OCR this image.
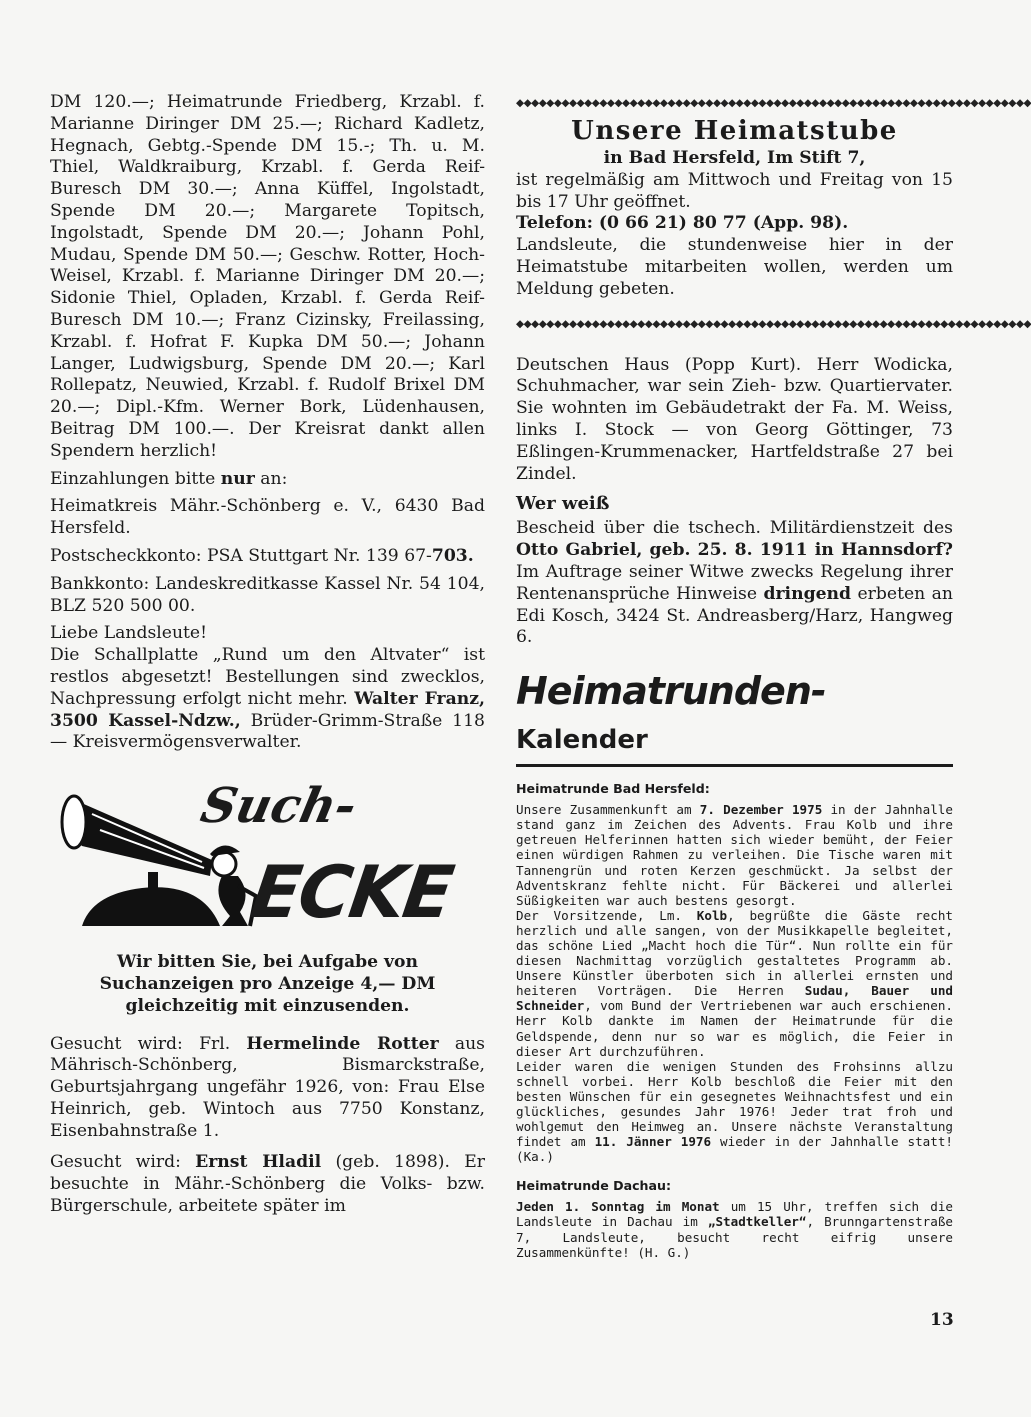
DM 120.—; Heimatrunde Friedberg, Krzabl. f. Marianne Diringer DM 25.—; Richard Kadletz, Hegnach, Gebtg.-Spende DM 15.-; Th. u. M. Thiel, Waldkraiburg, Krzabl. f. Gerda Reif-Buresch DM 30.—; Anna Küffel, Ingolstadt, Spende DM 20.—; Margarete Topitsch, Ingolstadt, Spende DM 20.—; Johann Pohl, Mudau, Spende DM 50.—; Geschw. Rotter, Hoch-Weisel, Krzabl. f. Marianne Diringer DM 20.—; Sidonie Thiel, Opladen, Krzabl. f. Gerda Reif-Buresch DM 10.—; Franz Cizinsky, Freilassing, Krzabl. f. Hofrat F. Kupka DM 50.—; Johann Langer, Ludwigsburg, Spende DM 20.—; Karl Rollepatz, Neuwied, Krzabl. f. Rudolf Brixel DM 20.—; Dipl.-Kfm. Werner Bork, Lüdenhausen, Beitrag DM 100.—. Der Kreisrat dankt allen Spendern herzlich!

Einzahlungen bitte nur an:

Heimatkreis Mähr.-Schönberg e. V., 6430 Bad Hersfeld.

Postscheckkonto: PSA Stuttgart Nr. 139 67-703.

Bankkonto: Landeskreditkasse Kassel Nr. 54 104, BLZ 520 500 00.

Liebe Landsleute!

Die Schallplatte „Rund um den Altvater“ ist restlos abgesetzt! Bestellungen sind zwecklos, Nachpressung erfolgt nicht mehr. Walter Franz, 3500 Kassel-Ndzw., Brüder-Grimm-Straße 118 — Kreisvermögensverwalter.

Such-
ECKE

Wir bitten Sie, bei Aufgabe von Suchanzeigen pro Anzeige 4,— DM gleichzeitig mit einzusenden.

Gesucht wird: Frl. Hermelinde Rotter aus Mährisch-Schönberg, Bismarckstraße, Geburtsjahrgang ungefähr 1926, von: Frau Else Heinrich, geb. Wintoch aus 7750 Konstanz, Eisenbahnstraße 1.

Gesucht wird: Ernst Hladil (geb. 1898). Er besuchte in Mähr.-Schönberg die Volks- bzw. Bürgerschule, arbeitete später im

◆◆◆◆◆◆◆◆◆◆◆◆◆◆◆◆◆◆◆◆◆◆◆◆◆◆◆◆◆◆◆◆◆◆◆◆◆◆◆◆◆◆◆◆◆◆◆◆◆◆◆◆◆◆◆◆◆◆◆◆◆◆◆◆◆◆◆◆
Unsere Heimatstube

in Bad Hersfeld, Im Stift 7,

ist regelmäßig am Mittwoch und Freitag von 15 bis 17 Uhr geöffnet.

Telefon: (0 66 21) 80 77 (App. 98).

Landsleute, die stundenweise hier in der Heimatstube mitarbeiten wollen, werden um Meldung gebeten.

◆◆◆◆◆◆◆◆◆◆◆◆◆◆◆◆◆◆◆◆◆◆◆◆◆◆◆◆◆◆◆◆◆◆◆◆◆◆◆◆◆◆◆◆◆◆◆◆◆◆◆◆◆◆◆◆◆◆◆◆◆◆◆◆◆◆◆◆

Deutschen Haus (Popp Kurt). Herr Wodicka, Schuhmacher, war sein Zieh- bzw. Quartiervater. Sie wohnten im Gebäudetrakt der Fa. M. Weiss, links I. Stock — von Georg Göttinger, 73 Eßlingen-Krummenacker, Hartfeldstraße 27 bei Zindel.

Wer weiß

Bescheid über die tschech. Militärdienstzeit des Otto Gabriel, geb. 25. 8. 1911 in Hannsdorf? Im Auftrage seiner Witwe zwecks Regelung ihrer Rentenansprüche Hinweise dringend erbeten an Edi Kosch, 3424 St. Andreasberg/Harz, Hangweg 6.

Heimatrunden-Kalender
Heimatrunde Bad Hersfeld:

Unsere Zusammenkunft am 7. Dezember 1975 in der Jahnhalle stand ganz im Zeichen des Advents. Frau Kolb und ihre getreuen Helferinnen hatten sich wieder bemüht, der Feier einen würdigen Rahmen zu verleihen. Die Tische waren mit Tannengrün und roten Kerzen geschmückt. Ja selbst der Adventskranz fehlte nicht. Für Bäckerei und allerlei Süßigkeiten war auch bestens gesorgt.

Der Vorsitzende, Lm. Kolb, begrüßte die Gäste recht herzlich und alle sangen, von der Musikkapelle begleitet, das schöne Lied „Macht hoch die Tür“. Nun rollte ein für diesen Nachmittag vorzüglich gestaltetes Programm ab. Unsere Künstler überboten sich in allerlei ernsten und heiteren Vorträgen. Die Herren Sudau, Bauer und Schneider, vom Bund der Vertriebenen war auch erschienen. Herr Kolb dankte im Namen der Heimatrunde für die Geldspende, denn nur so war es möglich, die Feier in dieser Art durchzuführen.

Leider waren die wenigen Stunden des Frohsinns allzu schnell vorbei. Herr Kolb beschloß die Feier mit den besten Wünschen für ein gesegnetes Weihnachtsfest und ein glückliches, gesundes Jahr 1976! Jeder trat froh und wohlgemut den Heimweg an. Unsere nächste Veranstaltung findet am 11. Jänner 1976 wieder in der Jahnhalle statt! (Ka.)

Heimatrunde Dachau:

Jeden 1. Sonntag im Monat um 15 Uhr, treffen sich die Landsleute in Dachau im „Stadtkeller“, Brunngartenstraße 7, Landsleute, besucht recht eifrig unsere Zusammenkünfte! (H. G.)

13
